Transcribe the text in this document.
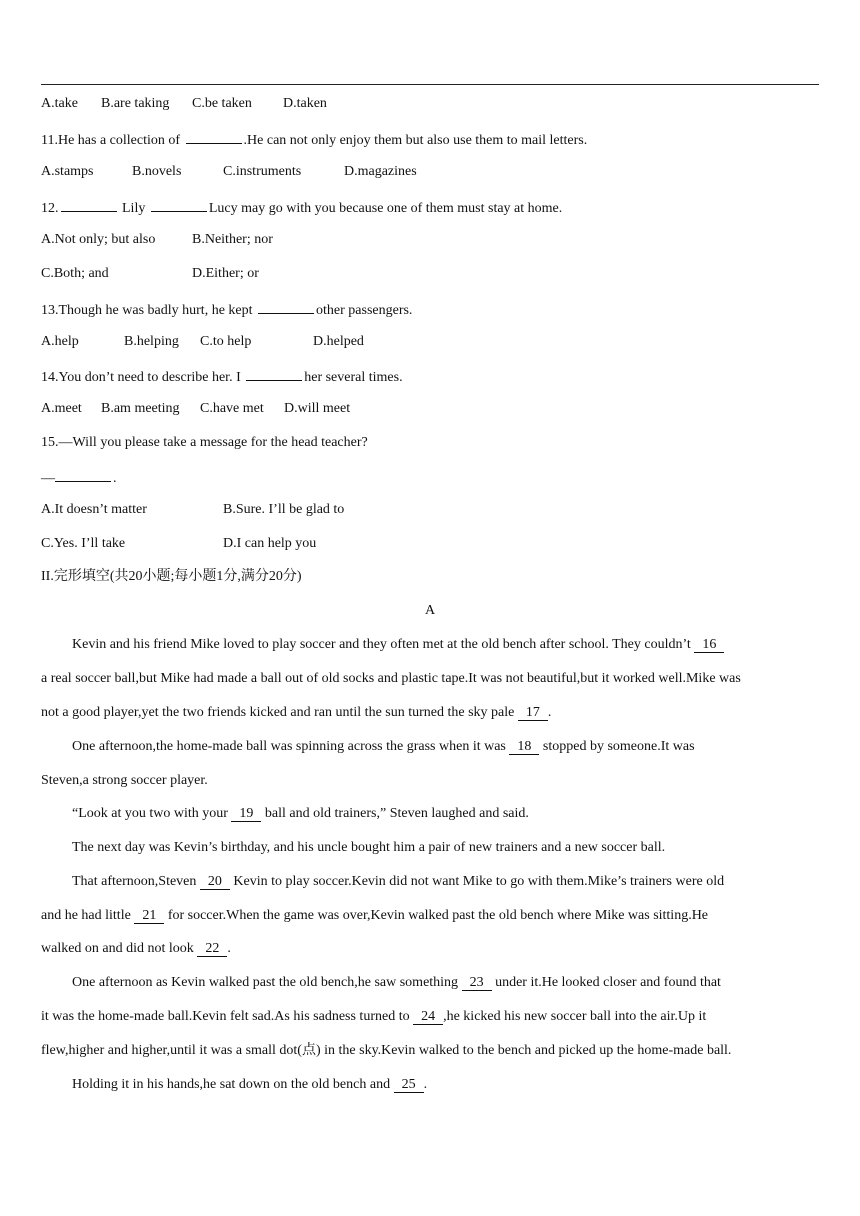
A.take B.are taking C.be taken D.taken
11.He has a collection of	.He can not only enjoy them but also use them to mail letters.
A.stamps	B.novels	C.instruments	D.magazines
12.	Lily	Lucy may go with you because one of them must stay at home.
A.Not only; but also	B.Neither; nor
C.Both; and	D.Either; or
13.Though he was badly hurt, he kept	other passengers.
A.help	B.helping C.to help	D.helped
14.You don’t need to describe her. I	her several times.
A.meet B.am meeting C.have met D.will meet
15.—Will you please take a message for the head teacher?
—	.
A.It doesn’t matter	B.Sure. I’ll be glad to
C.Yes. I’ll take	D.I can help you
II.完形填空(共20小题;每小题1分,满分20分)
A
Kevin and his friend Mike loved to play soccer and they often met at the old bench after school. They couldn’t 16
a real soccer ball,but Mike had made a ball out of old socks and plastic tape.It was not beautiful,but it worked well.Mike was
not a good player,yet the two friends kicked and ran until the sun turned the sky pale 17 .
One afternoon,the home-made ball was spinning across the grass when it was 18 stopped by someone.It was
Steven,a strong soccer player.
“Look at you two with your 19 ball and old trainers,” Steven laughed and said.
The next day was Kevin’s birthday, and his uncle bought him a pair of new trainers and a new soccer ball.
That afternoon,Steven 20 Kevin to play soccer.Kevin did not want Mike to go with them.Mike’s trainers were old
and he had little 21 for soccer.When the game was over,Kevin walked past the old bench where Mike was sitting.He
walked on and did not look 22 .
One afternoon as Kevin walked past the old bench,he saw something 23 under it.He looked closer and found that
it was the home-made ball.Kevin felt sad.As his sadness turned to 24 ,he kicked his new soccer ball into the air.Up it
flew,higher and higher,until it was a small dot(点) in the sky.Kevin walked to the bench and picked up the home-made ball.
Holding it in his hands,he sat down on the old bench and 25 .
